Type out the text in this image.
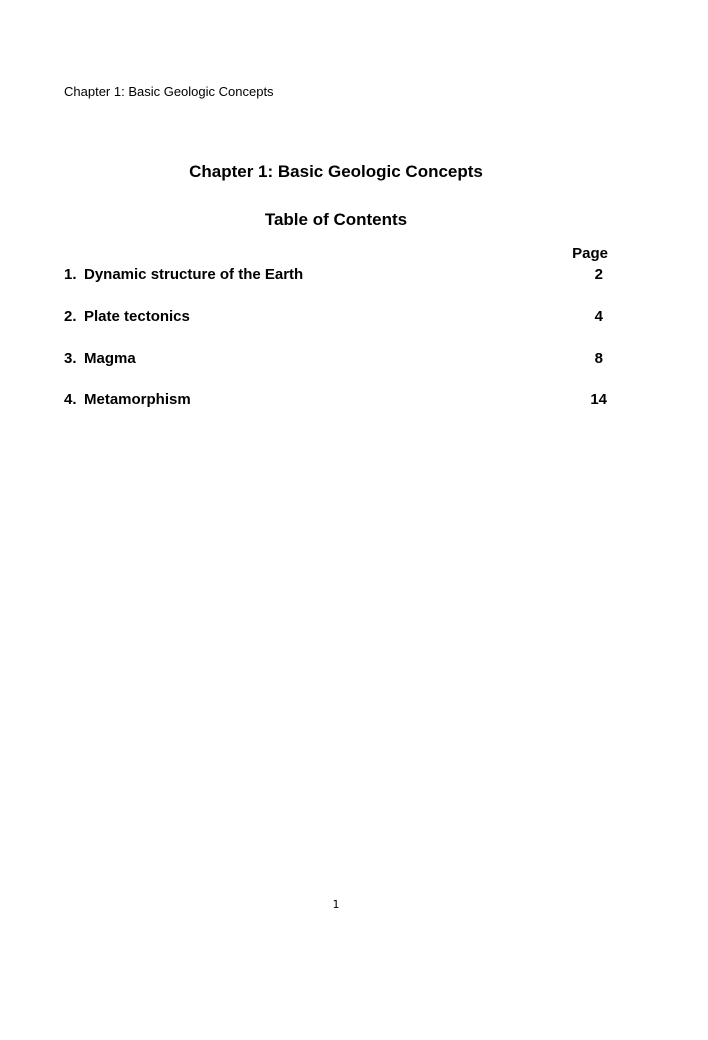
Chapter 1: Basic Geologic Concepts
Chapter 1: Basic Geologic Concepts
Table of Contents
Page
1. Dynamic structure of the Earth	2
2. Plate tectonics	4
3. Magma	8
4. Metamorphism	14
1
